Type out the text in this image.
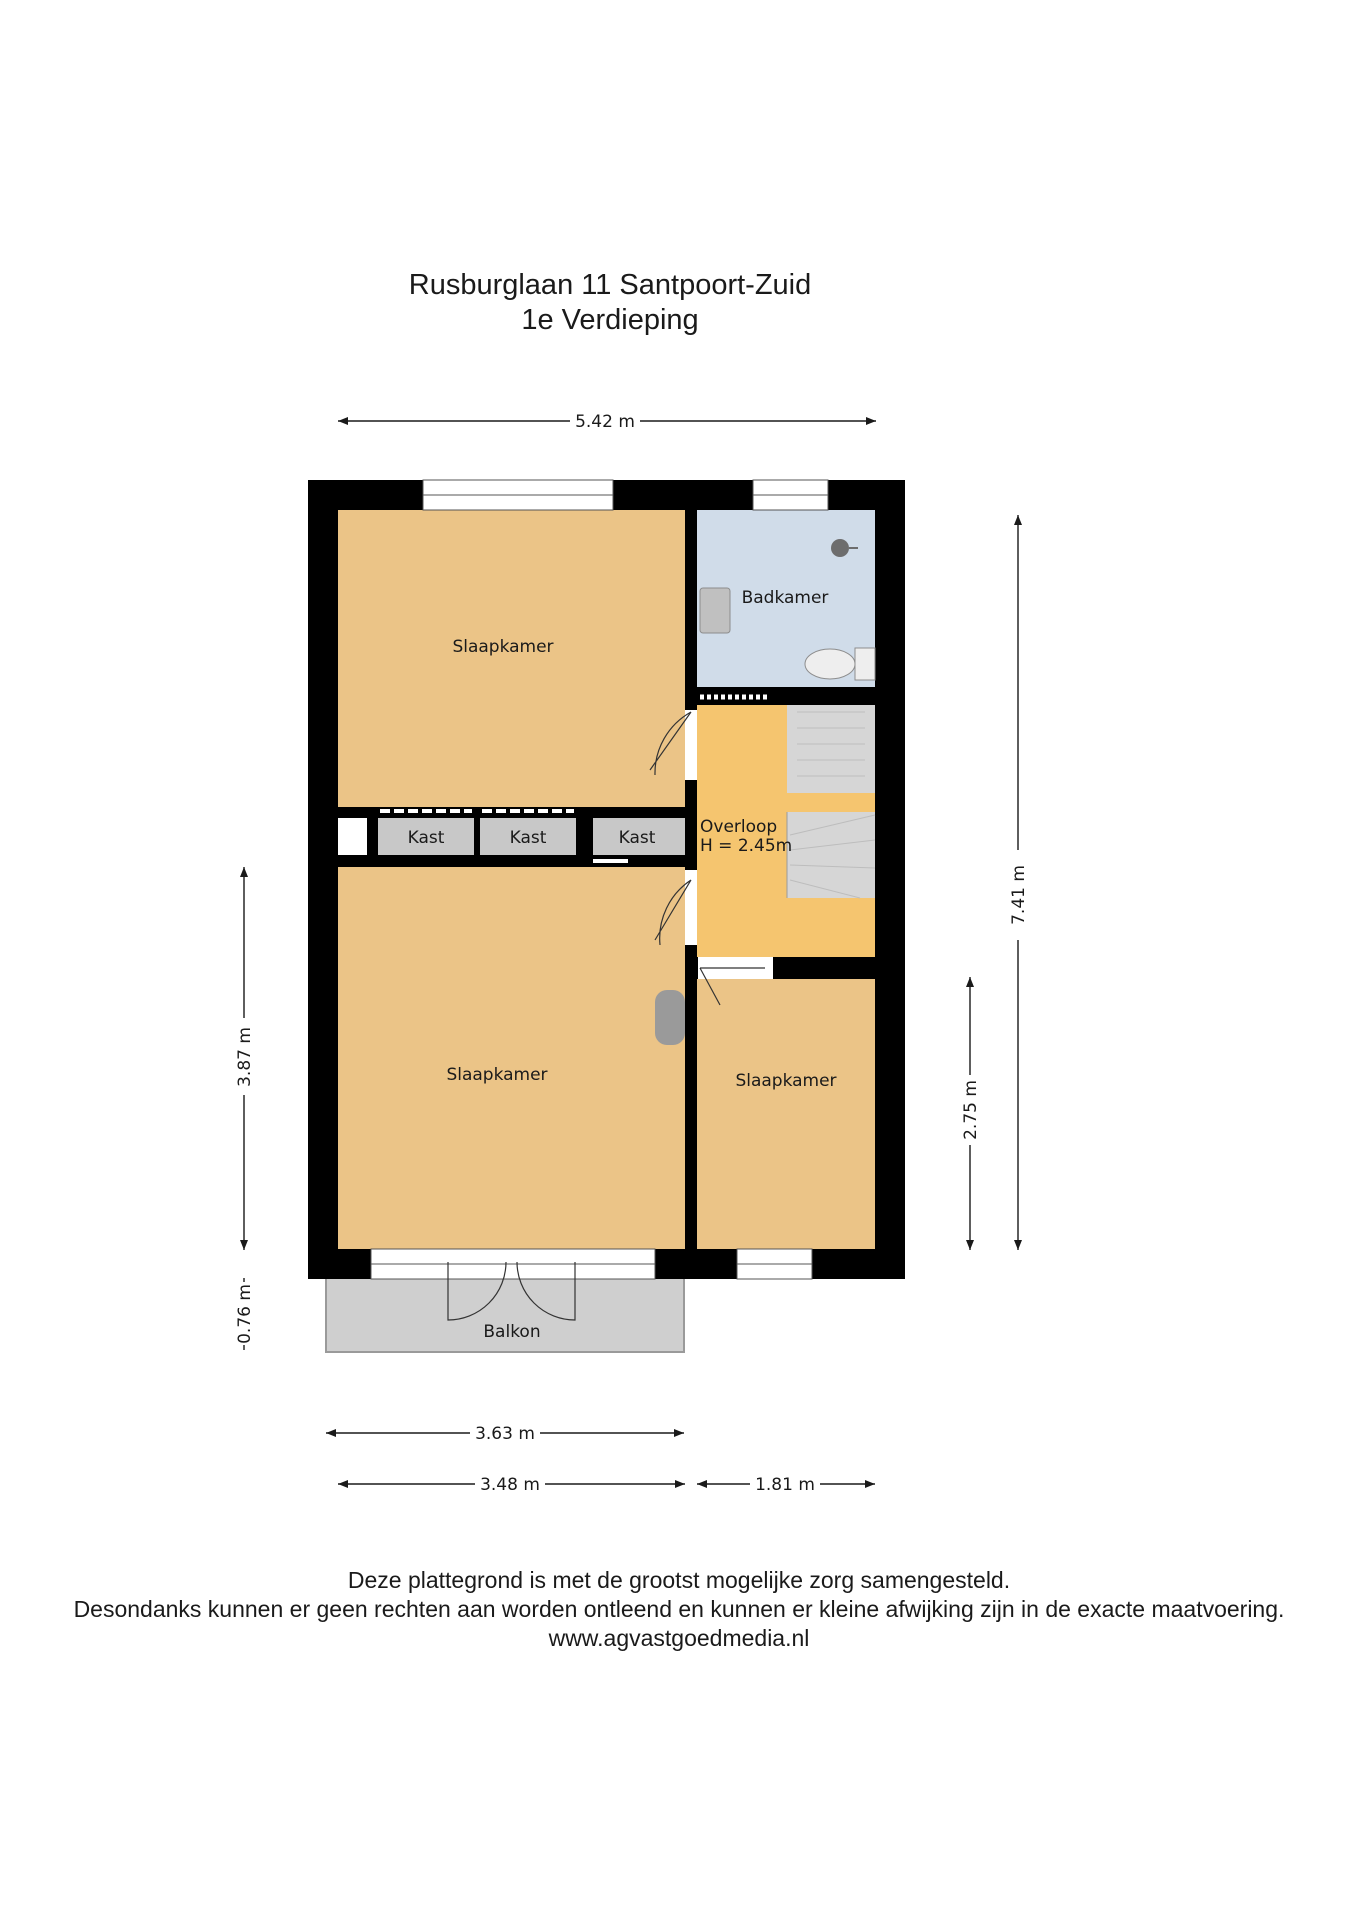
Rusburglaan 11 Santpoort-Zuid
1e Verdieping
Slaapkamer
Badkamer
Overloop
H = 2.45m
Slaapkamer	Slaapkamer
Balkon
Kast	Kast	Kast
5.42 m
7.41 m
2.75 m
3.87 m
0.76 m
3.63 m
3.48 m	1.81 m
Deze plattegrond is met de grootst mogelijke zorg samengesteld.
Desondanks kunnen er geen rechten aan worden ontleend en kunnen er kleine afwijking zijn in de exacte maatvoering.
www.agvastgoedmedia.nl
